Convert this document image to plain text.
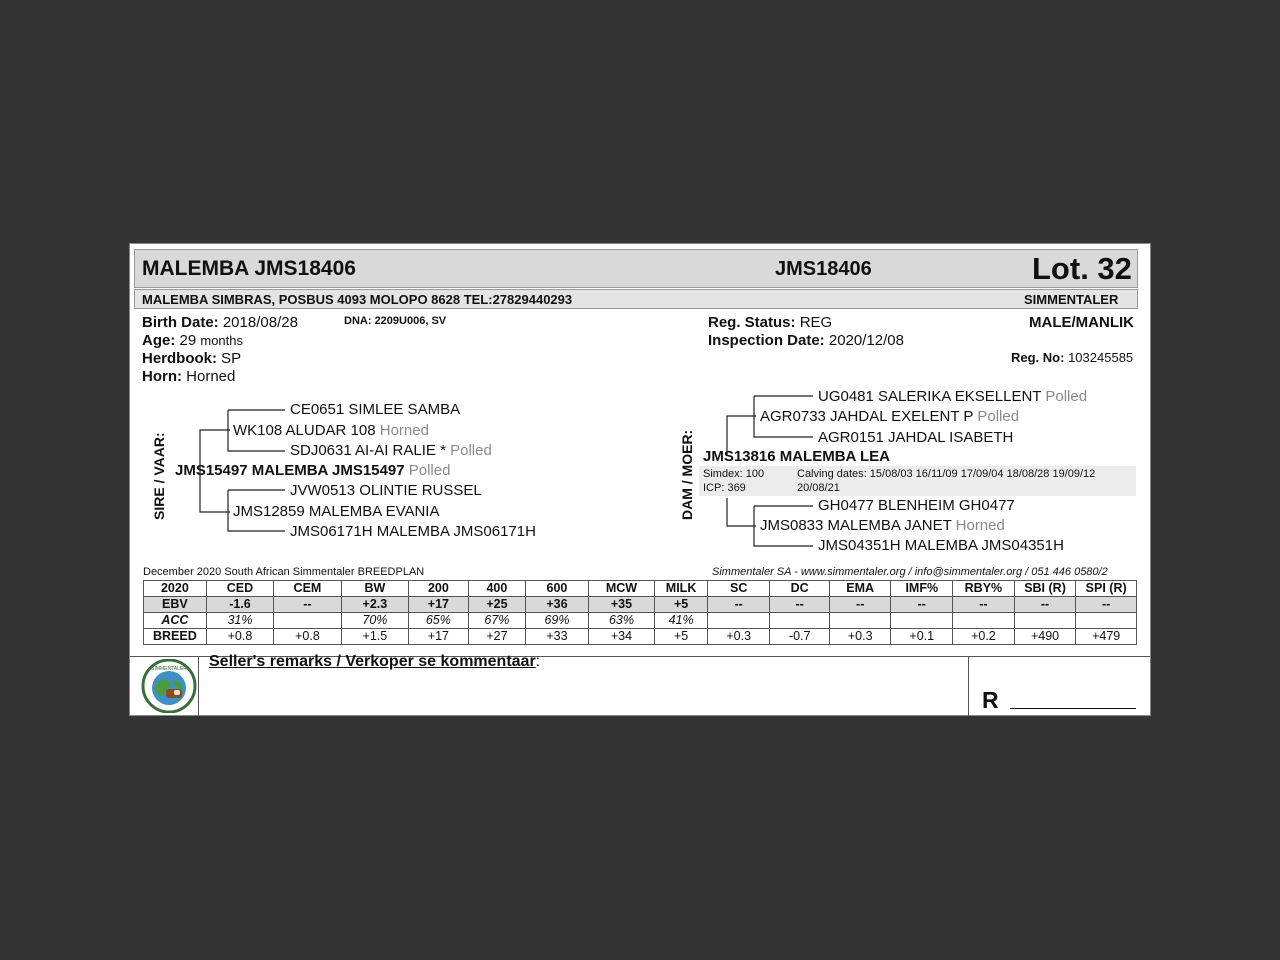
MALEMBA JMS18406	JMS18406	Lot. 32
MALEMBA SIMBRAS, POSBUS 4093 MOLOPO 8628 TEL:27829440293	SIMMENTALER
Birth Date: 2018/08/28	DNA: 2209U006, SV
Age: 29 months
Herdbook: SP
Horn: Horned
Reg. Status: REG
Inspection Date: 2020/12/08
MALE/MANLIK
Reg. No: 103245585
SIRE / VAAR:
CE0651 SIMLEE SAMBA
WK108 ALUDAR 108 Horned
SDJ0631 AI-AI RALIE * Polled
JMS15497 MALEMBA JMS15497 Polled
JVW0513 OLINTIE RUSSEL
JMS12859 MALEMBA EVANIA
JMS06171H MALEMBA JMS06171H
DAM / MOER:
UG0481 SALERIKA EKSELLENT Polled
AGR0733 JAHDAL EXELENT P Polled
AGR0151 JAHDAL ISABETH
JMS13816 MALEMBA LEA
Simdex: 100
ICP: 369
Calving dates: 15/08/03 16/11/09 17/09/04 18/08/28 19/09/12
20/08/21
GH0477 BLENHEIM GH0477
JMS0833 MALEMBA JANET Horned
JMS04351H MALEMBA JMS04351H
December 2020 South African Simmentaler BREEDPLAN	Simmentaler SA - www.simmentaler.org / info@simmentaler.org / 051 446 0580/2
2020	CED	CEM	BW	200	400	600	MCW	MILK	SC	DC	EMA	IMF%	RBY%	SBI (R)	SPI (R)
EBV	-1.6	--	+2.3	+17	+25	+36	+35	+5	--	--	--	--	--	--	--
ACC	31%		70%	65%	67%	69%	63%	41%							
BREED	+0.8	+0.8	+1.5	+17	+27	+33	+34	+5	+0.3	-0.7	+0.3	+0.1	+0.2	+490	+479
SIMMENTALER Seller's remarks / Verkoper se kommentaar:
R
